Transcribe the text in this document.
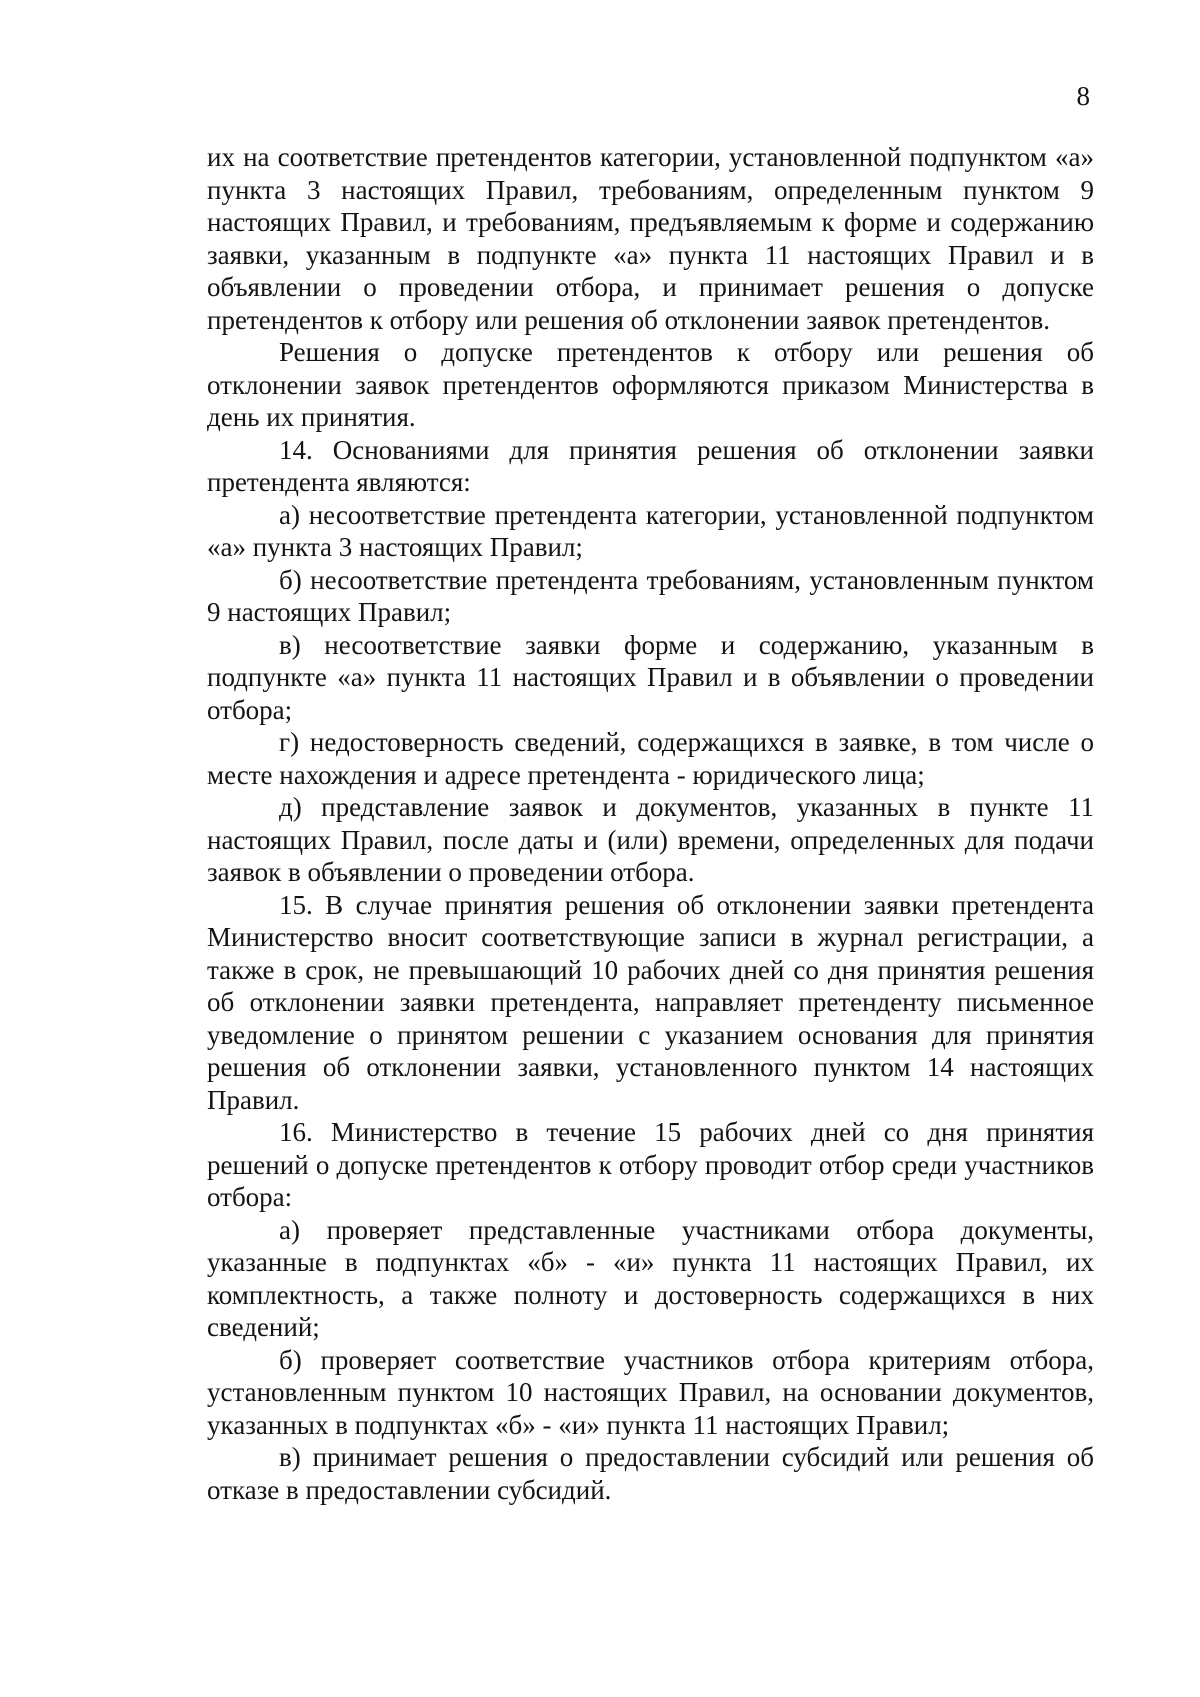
8

их на соответствие претендентов категории, установленной подпунктом «а» пункта 3 настоящих Правил, требованиям, определенным пунктом 9 настоящих Правил, и требованиям, предъявляемым к форме и содержанию заявки, указанным в подпункте «а» пункта 11 настоящих Правил и в объявлении о проведении отбора, и принимает решения о допуске претендентов к отбору или решения об отклонении заявок претендентов.

Решения о допуске претендентов к отбору или решения об отклонении заявок претендентов оформляются приказом Министерства в день их принятия.

14. Основаниями для принятия решения об отклонении заявки претендента являются:

а) несоответствие претендента категории, установленной подпунктом «а» пункта 3 настоящих Правил;

б) несоответствие претендента требованиям, установленным пунктом 9 настоящих Правил;

в) несоответствие заявки форме и содержанию, указанным в подпункте «а» пункта 11 настоящих Правил и в объявлении о проведении отбора;

г) недостоверность сведений, содержащихся в заявке, в том числе о месте нахождения и адресе претендента - юридического лица;

д) представление заявок и документов, указанных в пункте 11 настоящих Правил, после даты и (или) времени, определенных для подачи заявок в объявлении о проведении отбора.

15. В случае принятия решения об отклонении заявки претендента Министерство вносит соответствующие записи в журнал регистрации, а также в срок, не превышающий 10 рабочих дней со дня принятия решения об отклонении заявки претендента, направляет претенденту письменное уведомление о принятом решении с указанием основания для принятия решения об отклонении заявки, установленного пунктом 14 настоящих Правил.

16. Министерство в течение 15 рабочих дней со дня принятия решений о допуске претендентов к отбору проводит отбор среди участников отбора:

а) проверяет представленные участниками отбора документы, указанные в подпунктах «б» - «и» пункта 11 настоящих Правил, их комплектность, а также полноту и достоверность содержащихся в них сведений;

б) проверяет соответствие участников отбора критериям отбора, установленным пунктом 10 настоящих Правил, на основании документов, указанных в подпунктах «б» - «и» пункта 11 настоящих Правил;

в) принимает решения о предоставлении субсидий или решения об отказе в предоставлении субсидий.
